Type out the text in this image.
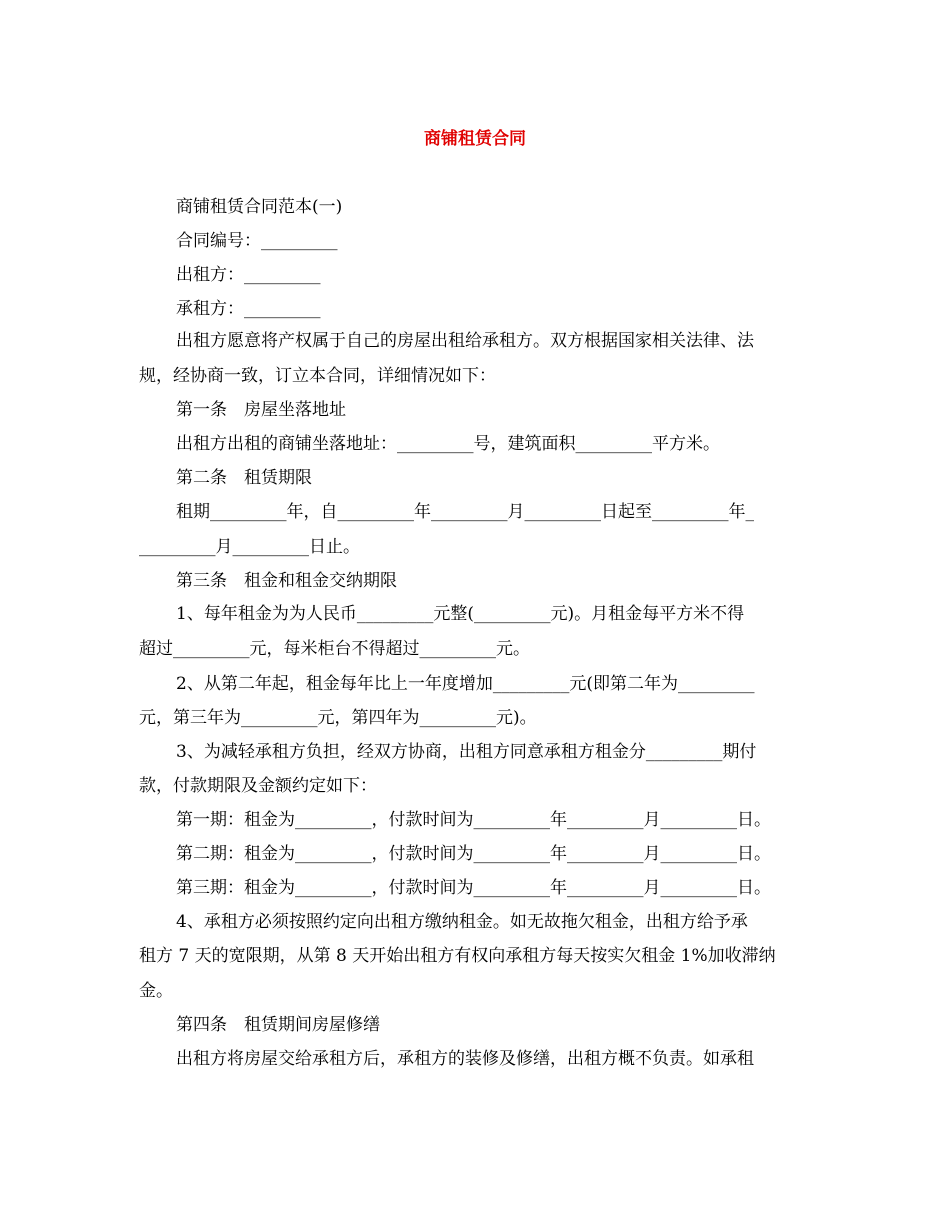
商铺租赁合同
商铺租赁合同范本(一)
合同编号：_________
出租方：_________
承租方：_________
出租方愿意将产权属于自己的房屋出租给承租方。双方根据国家相关法律、法
规，经协商一致，订立本合同，详细情况如下：
第一条　房屋坐落地址
出租方出租的商铺坐落地址：_________号，建筑面积_________平方米。
第二条　租赁期限
租期_________年，自_________年_________月_________日起至_________年_
_________月_________日止。
第三条　租金和租金交纳期限
1、每年租金为为人民币_________元整(_________元)。月租金每平方米不得
超过_________元，每米柜台不得超过_________元。
2、从第二年起，租金每年比上一年度增加_________元(即第二年为_________
元，第三年为_________元，第四年为_________元)。
3、为减轻承租方负担，经双方协商，出租方同意承租方租金分_________期付
款，付款期限及金额约定如下：
第一期：租金为_________，付款时间为_________年_________月_________日。
第二期：租金为_________，付款时间为_________年_________月_________日。
第三期：租金为_________，付款时间为_________年_________月_________日。
4、承租方必须按照约定向出租方缴纳租金。如无故拖欠租金，出租方给予承
租方 7 天的宽限期，从第 8 天开始出租方有权向承租方每天按实欠租金 1%加收滞纳
金。
第四条　租赁期间房屋修缮
出租方将房屋交给承租方后，承租方的装修及修缮，出租方概不负责。如承租
